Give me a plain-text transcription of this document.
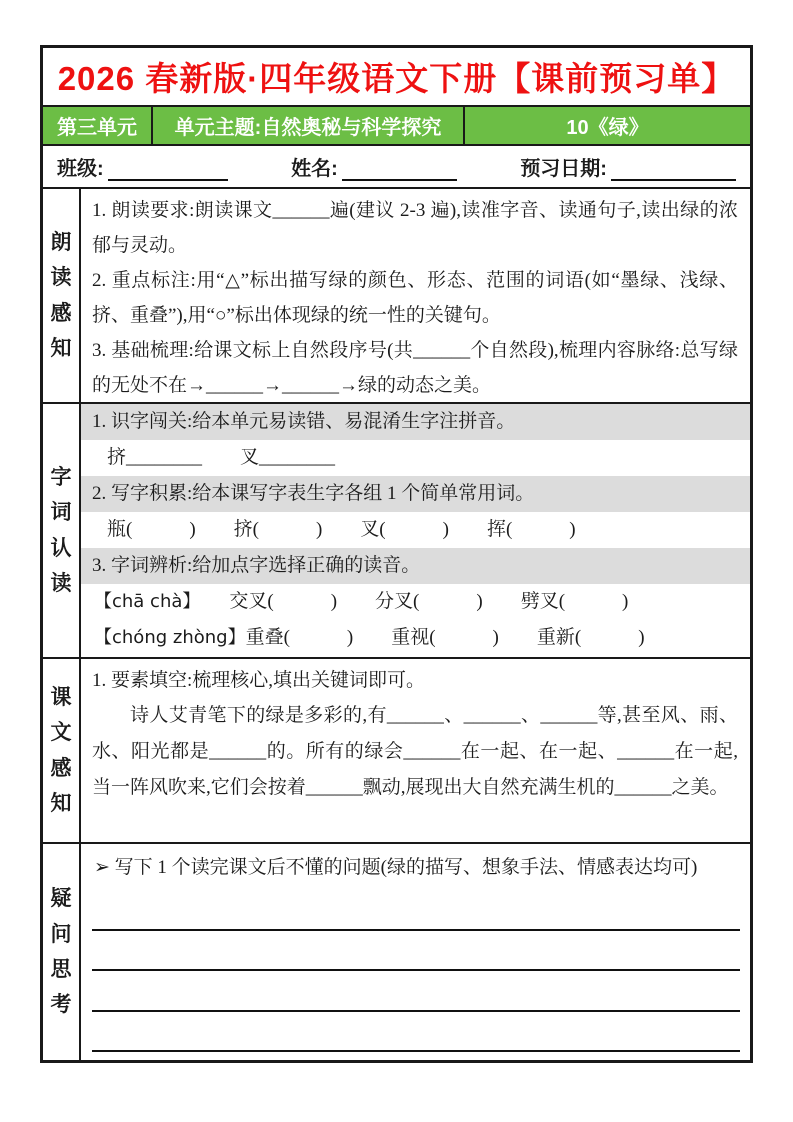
2026 春新版·四年级语文下册【课前预习单】
第三单元	单元主题:自然奥秘与科学探究	10《绿》
班级:	姓名:	预习日期:
朗读感知

1. 朗读要求:朗读课文______遍(建议 2-3 遍),读准字音、读通句子,读出绿的浓郁与灵动。

2. 重点标注:用“△”标出描写绿的颜色、形态、范围的词语(如“墨绿、浅绿、挤、重叠”),用“○”标出体现绿的统一性的关键句。

3. 基础梳理:给课文标上自然段序号(共______个自然段),梳理内容脉络:总写绿的无处不在→______→______→绿的动态之美。

字词认读
1. 识字闯关:给本单元易读错、易混淆生字注拼音。
挤________　　叉________
2. 写字积累:给本课写字表生字各组 1 个简单常用词。
瓶(　　　)　　挤(　　　)　　叉(　　　)　　挥(　　　)
3. 字词辨析:给加点字选择正确的读音。
【chā chà】　　交叉(　　　)　　分叉(　　　)　　劈叉(　　　)
【chóng zhòng】重叠(　　　)　　重视(　　　)　　重新(　　　)
课文感知

1. 要素填空:梳理核心,填出关键词即可。

诗人艾青笔下的绿是多彩的,有______、______、______等,甚至风、雨、水、阳光都是______的。所有的绿会______在一起、在一起、______在一起,当一阵风吹来,它们会按着______飘动,展现出大自然充满生机的______之美。

疑问思考
➢ 写下 1 个读完课文后不懂的问题(绿的描写、想象手法、情感表达均可)
